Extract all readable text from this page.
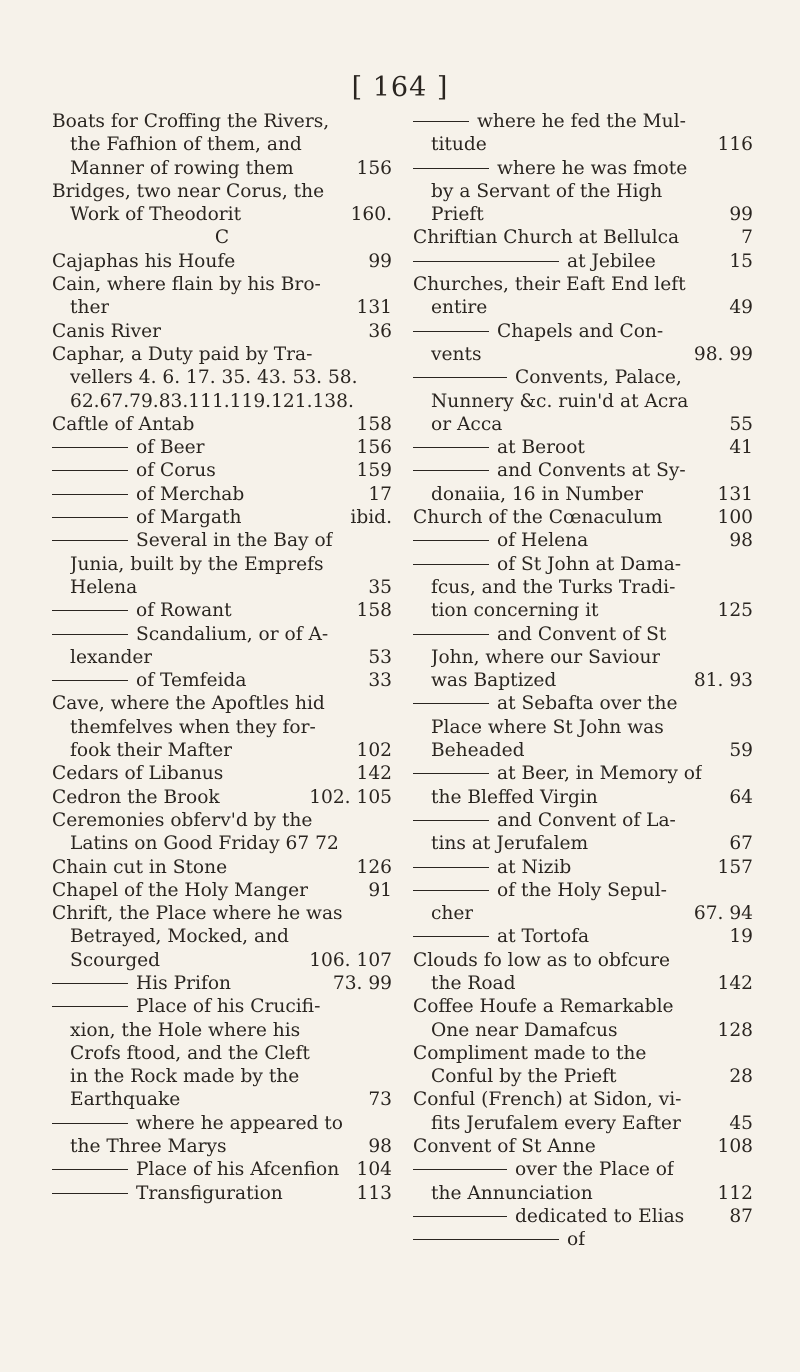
[ 164 ]
Boats for Croffing the Rivers,
the Fafhion of them, and
Manner of rowing them	156
Bridges, two near Corus, the
Work of Theodorit	160.
C
Cajaphas his Houfe	99
Cain, where flain by his Bro-
ther	131
Canis River	36
Caphar, a Duty paid by Tra-
vellers 4. 6. 17. 35. 43. 53. 58.
62.67.79.83.111.119.121.138.
Caftle of Antab	158
of Beer	156
of Corus	159
of Merchab	17
of Margath	ibid.
Several in the Bay of
Junia, built by the Emprefs
Helena	35
of Rowant	158
Scandalium, or of A-
lexander	53
of Temfeida	33
Cave, where the Apoftles hid
themfelves when they for-
fook their Mafter	102
Cedars of Libanus	142
Cedron the Brook	102. 105
Ceremonies obferv'd by the
Latins on Good Friday 67 72
Chain cut in Stone	126
Chapel of the Holy Manger	91
Chrift, the Place where he was
Betrayed, Mocked, and
Scourged	106. 107
His Prifon	73. 99
Place of his Crucifi-
xion, the Hole where his
Crofs ftood, and the Cleft
in the Rock made by the
Earthquake	73
where he appeared to
the Three Marys	98
Place of his Afcenfion 104
Transfiguration	113
where he fed the Mul-
titude	116
where he was fmote
by a Servant of the High
Prieft	99
Chriftian Church at Bellulca	7
at Jebilee	15
Churches, their Eaft End left
entire	49
Chapels and Con-
vents	98. 99
Convents, Palace,
Nunnery &c. ruin'd at Acra
or Acca	55
at Beroot	41
and Convents at Sy-
donaiia, 16 in Number	131
Church of the Cœnaculum	100
of Helena	98
of St John at Dama-
fcus, and the Turks Tradi-
tion concerning it	125
and Convent of St
John, where our Saviour
was Baptized	81. 93
at Sebafta over the
Place where St John was
Beheaded	59
at Beer, in Memory of
the Bleffed Virgin	64
and Convent of La-
tins at Jerufalem	67
at Nizib	157
of the Holy Sepul-
cher	67. 94
at Tortofa	19
Clouds fo low as to obfcure
the Road	142
Coffee Houfe a Remarkable
One near Damafcus	128
Compliment made to the
Conful by the Prieft	28
Conful (French) at Sidon, vi-
fits Jerufalem every Eafter	45
Convent of St Anne	108
over the Place of
the Annunciation	112
dedicated to Elias	87
of
